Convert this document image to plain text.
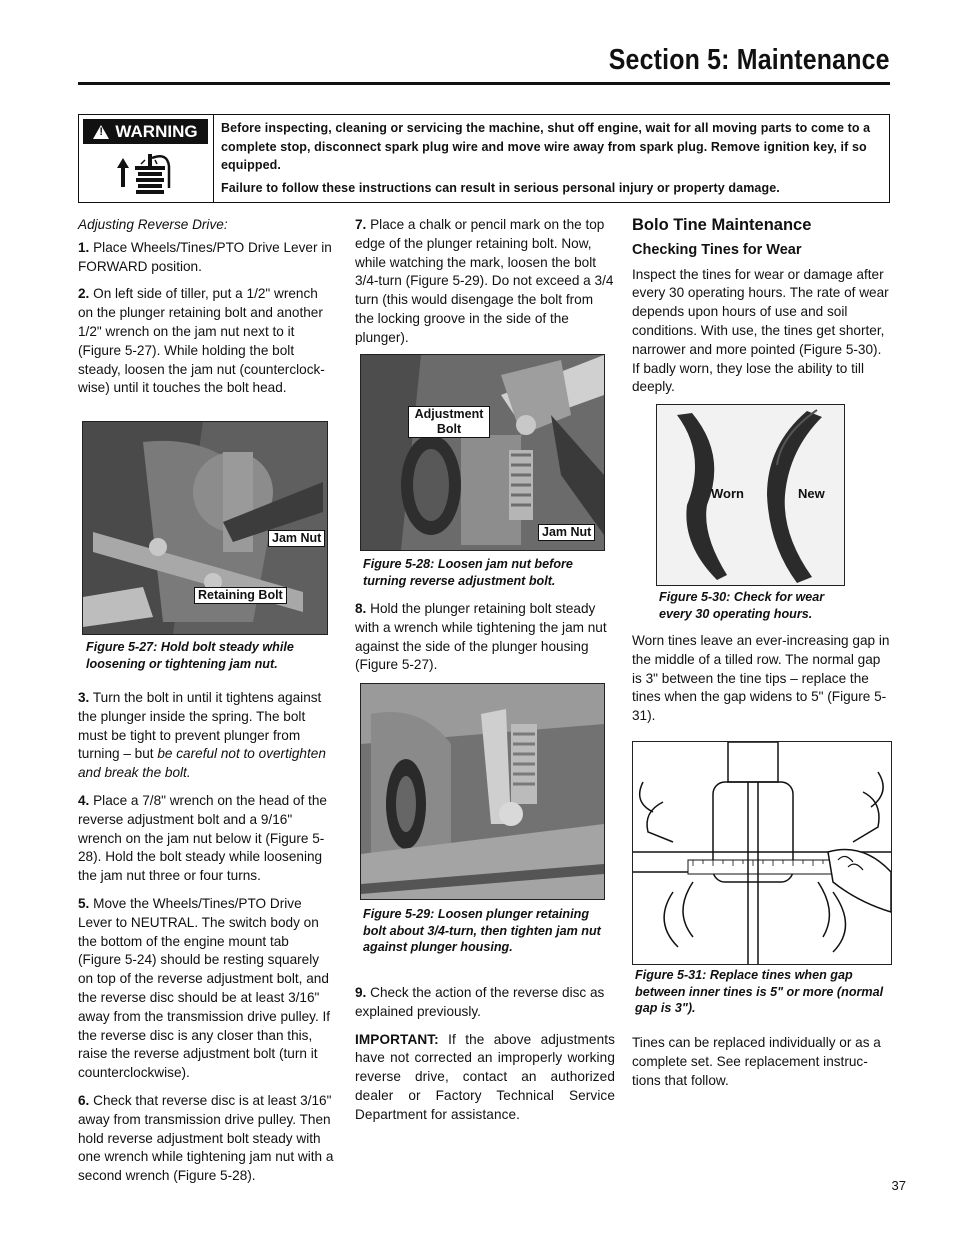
Section 5: Maintenance
!
WARNING Before inspecting, cleaning or servicing the machine, shut off engine, wait for all moving parts to come to a complete stop, disconnect spark plug wire and move wire away from spark plug. Remove ignition key, if so equipped.

Failure to follow these instructions can result in serious personal injury or property damage.

Adjusting Reverse Drive:

1. Place Wheels/Tines/PTO Drive Lever in FORWARD position.

2. On left side of tiller, put a 1/2" wrench on the plunger retaining bolt and another 1/2" wrench on the jam nut next to it (Figure 5-27). While holding the bolt steady, loosen the jam nut (counterclock-wise) until it touches the bolt head.

Jam Nut
Retaining Bolt
Figure 5-27: Hold bolt steady while loosening or tightening jam nut.

3. Turn the bolt in until it tightens against the plunger inside the spring. The bolt must be tight to prevent plunger from turning – but be careful not to overtighten and break the bolt.

4. Place a 7/8" wrench on the head of the reverse adjustment bolt and a 9/16" wrench on the jam nut below it (Figure 5-28). Hold the bolt steady while loosening the jam nut three or four turns.

5. Move the Wheels/Tines/PTO Drive Lever to NEUTRAL. The switch body on the bottom of the engine mount tab (Figure 5-24) should be resting squarely on top of the reverse adjustment bolt, and the reverse disc should be at least 3/16" away from the transmission drive pulley. If the reverse disc is any closer than this, raise the reverse adjustment bolt (turn it counterclockwise).

6. Check that reverse disc is at least 3/16" away from transmission drive pulley. Then hold reverse adjustment bolt steady with one wrench while tightening jam nut with a second wrench (Figure 5-28).

7. Place a chalk or pencil mark on the top edge of the plunger retaining bolt. Now, while watching the mark, loosen the bolt 3/4-turn (Figure 5-29). Do not exceed a 3/4 turn (this would disengage the bolt from the locking groove in the side of the plunger).

Adjustment Bolt
Jam Nut
Figure 5-28: Loosen jam nut before turning reverse adjustment bolt.

8. Hold the plunger retaining bolt steady with a wrench while tightening the jam nut against the side of the plunger housing (Figure 5-27).

Figure 5-29: Loosen plunger retaining bolt about 3/4-turn, then tighten jam nut against plunger housing.

9. Check the action of the reverse disc as explained previously.

IMPORTANT: If the above adjustments have not corrected an improperly working reverse drive, contact an authorized dealer or Factory Technical Service Department for assistance.

Bolo Tine Maintenance

Checking Tines for Wear

Inspect the tines for wear or damage after every 30 operating hours. The rate of wear depends upon hours of use and soil conditions. With use, the tines get shorter, narrower and more pointed (Figure 5-30). If badly worn, they lose the ability to till deeply.

Worn	New
Figure 5-30: Check for wear every 30 operating hours.

Worn tines leave an ever-increasing gap in the middle of a tilled row. The normal gap is 3" between the tine tips – replace the tines when the gap widens to 5" (Figure 5-31).

Figure 5-31: Replace tines when gap between inner tines is 5" or more (normal gap is 3").

Tines can be replaced individually or as a complete set. See replacement instruc-tions that follow.

37
